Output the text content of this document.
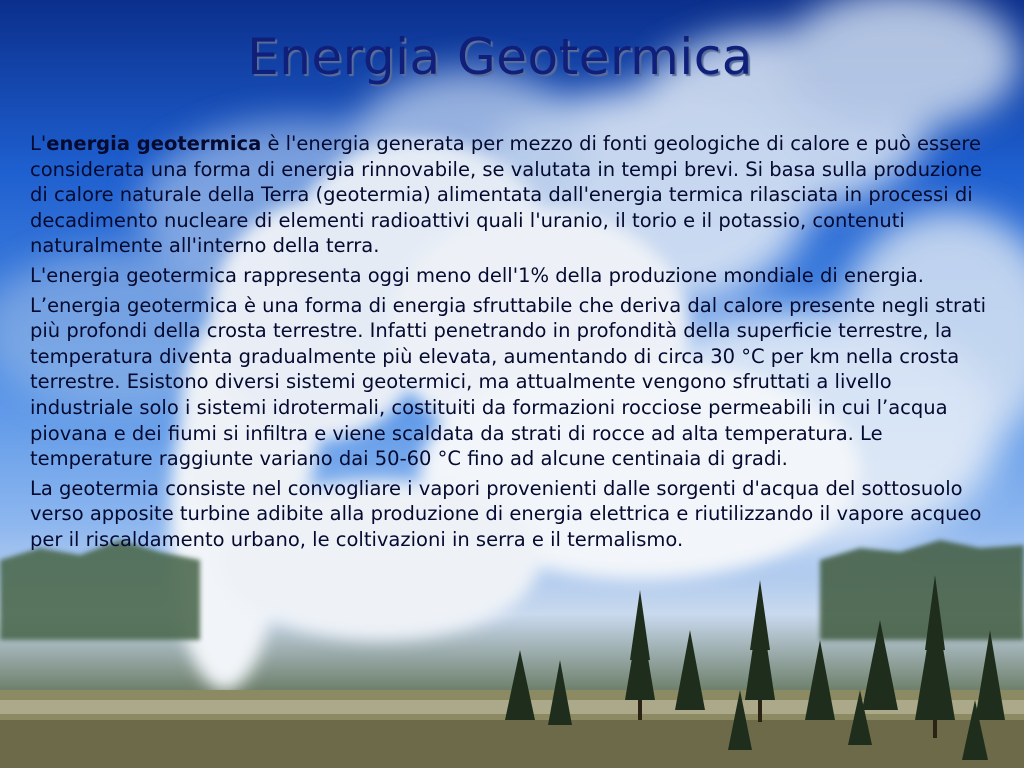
Energia Geotermica

L'energia geotermica è l'energia generata per mezzo di fonti geologiche di calore e può essere considerata una forma di energia rinnovabile, se valutata in tempi brevi. Si basa sulla produzione di calore naturale della Terra (geotermia) alimentata dall'energia termica rilasciata in processi di decadimento nucleare di elementi radioattivi quali l'uranio, il torio e il potassio, contenuti naturalmente all'interno della terra.

L'energia geotermica rappresenta oggi meno dell'1% della produzione mondiale di energia.

L’energia geotermica è una forma di energia sfruttabile che deriva dal calore presente negli strati più profondi della crosta terrestre. Infatti penetrando in profondità della superficie terrestre, la temperatura diventa gradualmente più elevata, aumentando di circa 30 °C per km nella crosta terrestre. Esistono diversi sistemi geotermici, ma attualmente vengono sfruttati a livello industriale solo i sistemi idrotermali, costituiti da formazioni rocciose permeabili in cui l’acqua piovana e dei fiumi si infiltra e viene scaldata da strati di rocce ad alta temperatura. Le temperature raggiunte variano dai 50-60 °C fino ad alcune centinaia di gradi.

La geotermia consiste nel convogliare i vapori provenienti dalle sorgenti d'acqua del sottosuolo verso apposite turbine adibite alla produzione di energia elettrica e riutilizzando il vapore acqueo per il riscaldamento urbano, le coltivazioni in serra e il termalismo.
